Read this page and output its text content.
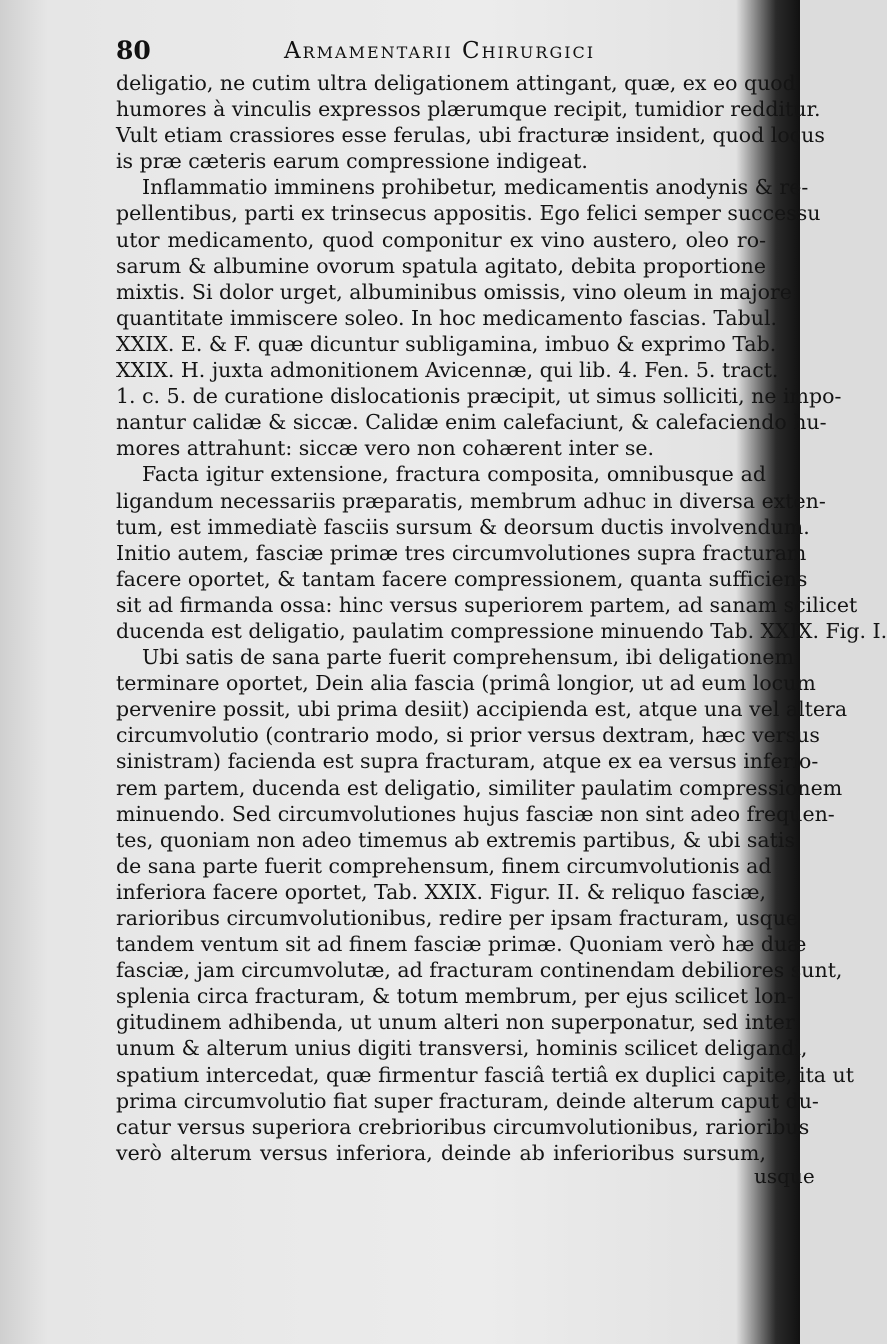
80	Armamentarii Chirurgici
deligatio, ne cutim ultra deligationem attingant, quæ, ex eo quod
humores à vinculis expressos plærumque recipit, tumidior redditur.
Vult etiam crassiores esse ferulas, ubi fracturæ insident, quod locus
is præ cæteris earum compressione indigeat.
Inflammatio imminens prohibetur, medicamentis anodynis & re-
pellentibus, parti ex trinsecus appositis. Ego felici semper successu
utor medicamento, quod componitur ex vino austero, oleo ro-
sarum & albumine ovorum spatula agitato, debita proportione
mixtis. Si dolor urget, albuminibus omissis, vino oleum in majore
quantitate immiscere soleo. In hoc medicamento fascias. Tabul.
XXIX. E. & F. quæ dicuntur subligamina, imbuo & exprimo Tab.
XXIX. H. juxta admonitionem Avicennæ, qui lib. 4. Fen. 5. tract.
1. c. 5. de curatione dislocationis præcipit, ut simus solliciti, ne impo-
nantur calidæ & siccæ. Calidæ enim calefaciunt, & calefaciendo hu-
mores attrahunt: siccæ vero non cohærent inter se.
Facta igitur extensione, fractura composita, omnibusque ad
ligandum necessariis præparatis, membrum adhuc in diversa exten-
tum, est immediatè fasciis sursum & deorsum ductis involvendum.
Initio autem, fasciæ primæ tres circumvolutiones supra fracturam
facere oportet, & tantam facere compressionem, quanta sufficiens
sit ad firmanda ossa: hinc versus superiorem partem, ad sanam scilicet
ducenda est deligatio, paulatim compressione minuendo Tab. XXIX. Fig. I.
Ubi satis de sana parte fuerit comprehensum, ibi deligationem
terminare oportet, Dein alia fascia (primâ longior, ut ad eum locum
pervenire possit, ubi prima desiit) accipienda est, atque una vel altera
circumvolutio (contrario modo, si prior versus dextram, hæc versus
sinistram) facienda est supra fracturam, atque ex ea versus inferio-
rem partem, ducenda est deligatio, similiter paulatim compressionem
minuendo. Sed circumvolutiones hujus fasciæ non sint adeo frequen-
tes, quoniam non adeo timemus ab extremis partibus, & ubi satis
de sana parte fuerit comprehensum, finem circumvolutionis ad
inferiora facere oportet, Tab. XXIX. Figur. II. & reliquo fasciæ,
rarioribus circumvolutionibus, redire per ipsam fracturam, usque
tandem ventum sit ad finem fasciæ primæ. Quoniam verò hæ duæ
fasciæ, jam circumvolutæ, ad fracturam continendam debiliores sunt,
splenia circa fracturam, & totum membrum, per ejus scilicet lon-
gitudinem adhibenda, ut unum alteri non superponatur, sed inter
unum & alterum unius digiti transversi, hominis scilicet deligandi,
spatium intercedat, quæ firmentur fasciâ tertiâ ex duplici capite, ita ut
prima circumvolutio fiat super fracturam, deinde alterum caput du-
catur versus superiora crebrioribus circumvolutionibus, rarioribus
verò alterum versus inferiora, deinde ab inferioribus sursum,
usque
